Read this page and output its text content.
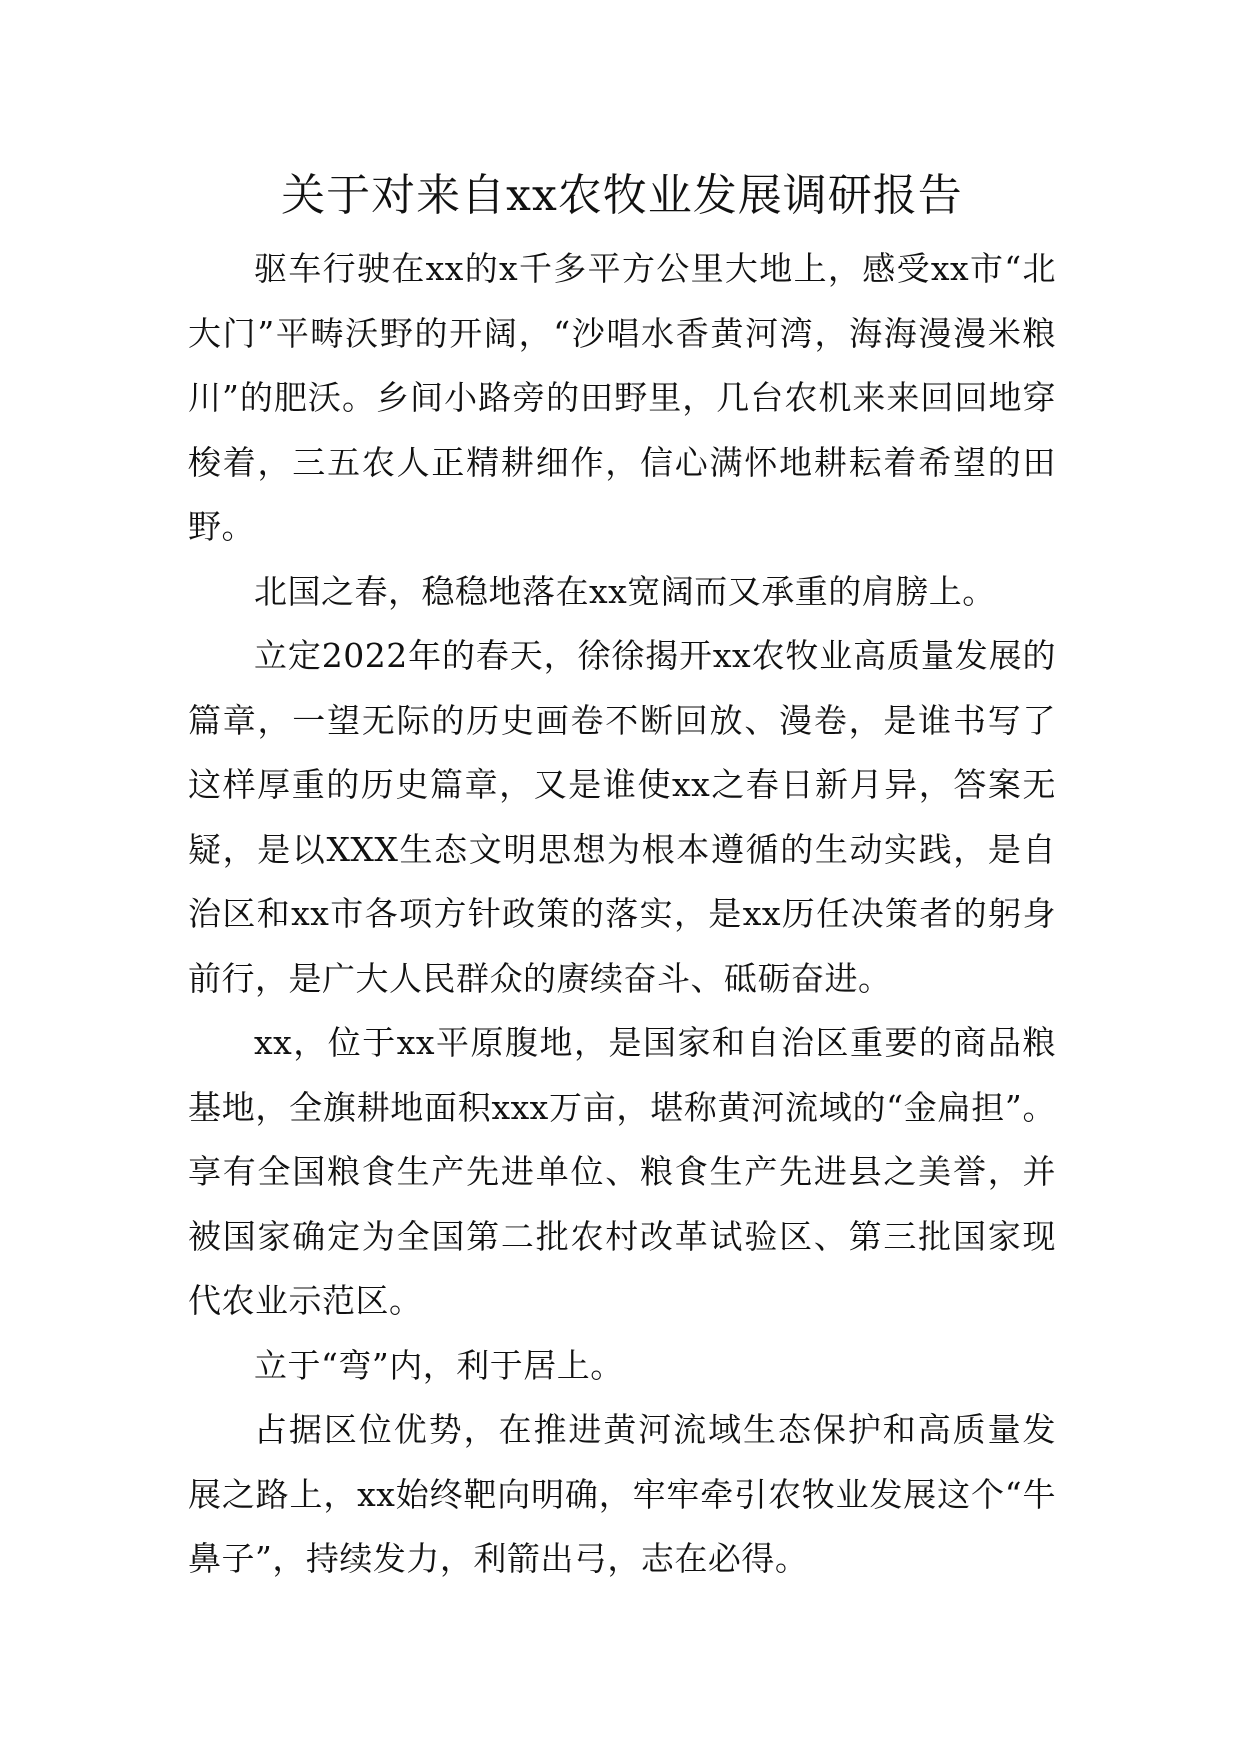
关于对来自xx农牧业发展调研报告

驱车行驶在xx的x千多平方公里大地上，感受xx市“北大门”平畴沃野的开阔，“沙唱水香黄河湾，海海漫漫米粮川”的肥沃。乡间小路旁的田野里，几台农机来来回回地穿梭着，三五农人正精耕细作，信心满怀地耕耘着希望的田野。

北国之春，稳稳地落在xx宽阔而又承重的肩膀上。

立定2022年的春天，徐徐揭开xx农牧业高质量发展的篇章，一望无际的历史画卷不断回放、漫卷，是谁书写了这样厚重的历史篇章，又是谁使xx之春日新月异，答案无疑，是以XXX生态文明思想为根本遵循的生动实践，是自治区和xx市各项方针政策的落实，是xx历任决策者的躬身前行，是广大人民群众的赓续奋斗、砥砺奋进。

xx，位于xx平原腹地，是国家和自治区重要的商品粮基地，全旗耕地面积xxx万亩，堪称黄河流域的“金扁担”。享有全国粮食生产先进单位、粮食生产先进县之美誉，并被国家确定为全国第二批农村改革试验区、第三批国家现代农业示范区。

立于“弯”内，利于居上。

占据区位优势，在推进黄河流域生态保护和高质量发展之路上，xx始终靶向明确，牢牢牵引农牧业发展这个“牛鼻子”，持续发力，利箭出弓，志在必得。
